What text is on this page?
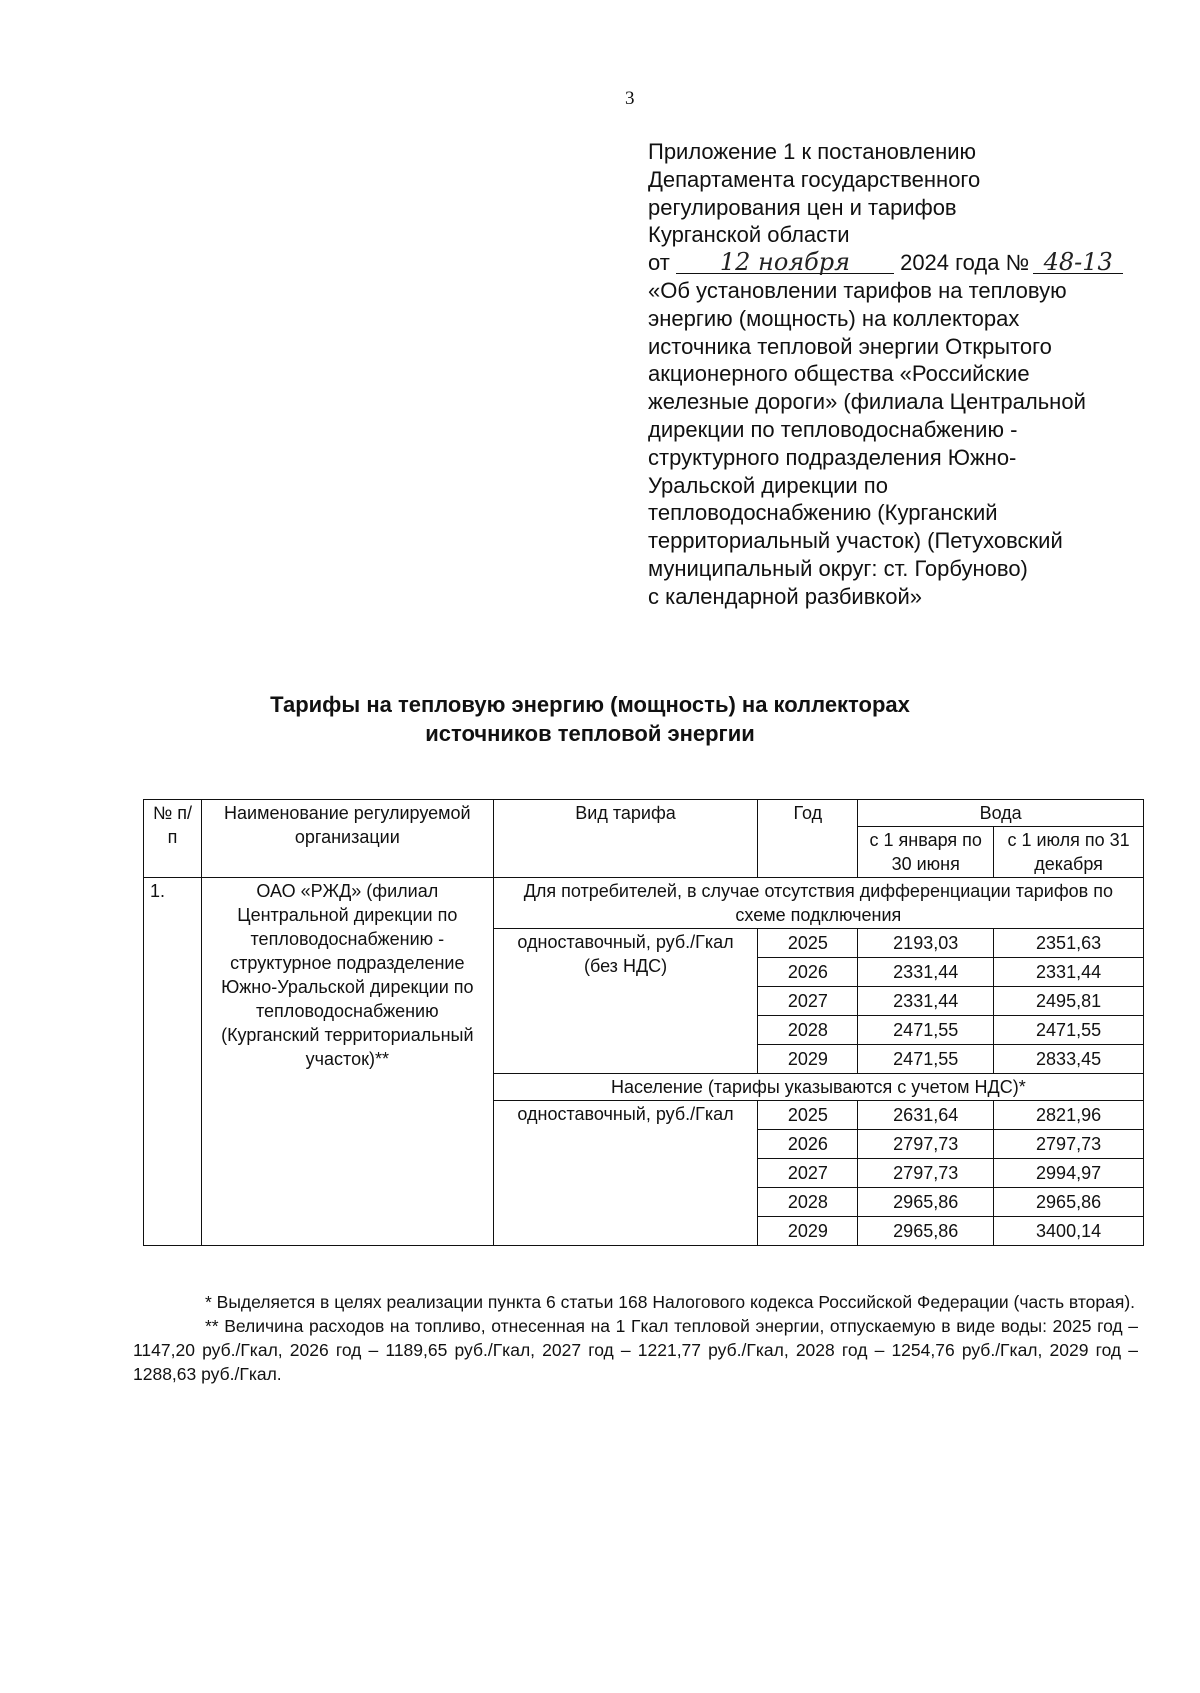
3
Приложение 1 к постановлению
Департамента государственного
регулирования цен и тарифов
Курганской области
от 12 ноября 2024 года № 48-13
«Об установлении тарифов на тепловую
энергию (мощность) на коллекторах
источника тепловой энергии Открытого
акционерного общества «Российские
железные дороги» (филиала Центральной
дирекции по тепловодоснабжению -
структурного подразделения Южно-
Уральской дирекции по
тепловодоснабжению (Курганский
территориальный участок) (Петуховский
муниципальный округ: ст. Горбуново)
с календарной разбивкой»
Тарифы на тепловую энергию (мощность) на коллекторах
источников тепловой энергии
№ п/п	Наименование регулируемой организации	Вид тарифа	Год	Вода	
				с 1 января по 30 июня	с 1 июля по 31 декабря
1.	ОАО «РЖД» (филиал Центральной дирекции по тепловодоснабжению - структурное подразделение Южно-Уральской дирекции по тепловодоснабжению (Курганский территориальный участок)**	Для потребителей, в случае отсутствия дифференциации тарифов по схеме подключения			
		одноставочный, руб./Гкал (без НДС)	2025	2193,03	2351,63
			2026	2331,44	2331,44
			2027	2331,44	2495,81
			2028	2471,55	2471,55
			2029	2471,55	2833,45
		Население (тарифы указываются с учетом НДС)*			
		одноставочный, руб./Гкал	2025	2631,64	2821,96
			2026	2797,73	2797,73
			2027	2797,73	2994,97
			2028	2965,86	2965,86
			2029	2965,86	3400,14

* Выделяется в целях реализации пункта 6 статьи 168 Налогового кодекса Российской Федерации (часть вторая).

** Величина расходов на топливо, отнесенная на 1 Гкал тепловой энергии, отпускаемую в виде воды: 2025 год – 1147,20 руб./Гкал, 2026 год – 1189,65 руб./Гкал, 2027 год – 1221,77 руб./Гкал, 2028 год – 1254,76 руб./Гкал, 2029 год – 1288,63 руб./Гкал.
